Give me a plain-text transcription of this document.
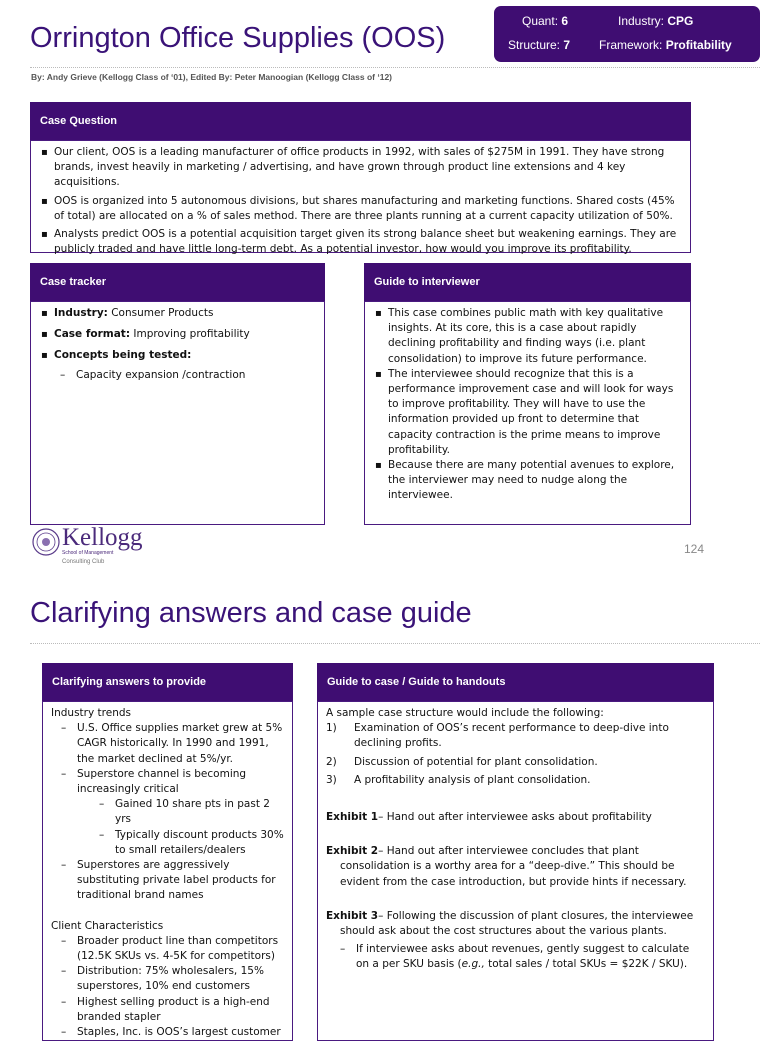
Orrington Office Supplies (OOS)
Quant: 6	Industry: CPG
Structure: 7 Framework: Profitability
By: Andy Grieve (Kellogg Class of ‘01), Edited By: Peter Manoogian (Kellogg Class of ‘12)
Case Question
▪ Our client, OOS is a leading manufacturer of office products in 1992, with sales of $275M in 1991. They have strong brands, invest heavily in marketing / advertising, and have grown through product line extensions and 4 key acquisitions.
▪ OOS is organized into 5 autonomous divisions, but shares manufacturing and marketing functions. Shared costs (45% of total) are allocated on a % of sales method. There are three plants running at a current capacity utilization of 50%.
▪ Analysts predict OOS is a potential acquisition target given its strong balance sheet but weakening earnings. They are publicly traded and have little long-term debt. As a potential investor, how would you improve its profitability.
Case tracker
▪ Industry: Consumer Products
▪ Case format: Improving profitability
▪ Concepts being tested:
– Capacity expansion /contraction
Guide to interviewer
▪ This case combines public math with key qualitative insights. At its core, this is a case about rapidly declining profitability and finding ways (i.e. plant consolidation) to improve its future performance.
▪ The interviewee should recognize that this is a performance improvement case and will look for ways to improve profitability. They will have to use the information provided up front to determine that capacity contraction is the prime means to improve profitability.
▪ Because there are many potential avenues to explore, the interviewer may need to nudge along the interviewee.
Kellogg
School of Management
Consulting Club
124
Clarifying answers and case guide
Clarifying answers to provide
Industry trends
– U.S. Office supplies market grew at 5% CAGR historically. In 1990 and 1991, the market declined at 5%/yr.
– Superstore channel is becoming increasingly critical
– Gained 10 share pts in past 2 yrs
– Typically discount products 30% to small retailers/dealers
– Superstores are aggressively substituting private label products for traditional brand names
Client Characteristics
– Broader product line than competitors (12.5K SKUs vs. 4-5K for competitors)
– Distribution: 75% wholesalers, 15% superstores, 10% end customers
– Highest selling product is a high-end branded stapler
– Staples, Inc. is OOS’s largest customer
Guide to case / Guide to handouts
A sample case structure would include the following:
1) Examination of OOS’s recent performance to deep-dive into declining profits.
2) Discussion of potential for plant consolidation.
3) A profitability analysis of plant consolidation.
Exhibit 1– Hand out after interviewee asks about profitability
Exhibit 2– Hand out after interviewee concludes that plant consolidation is a worthy area for a “deep-dive.” This should be evident from the case introduction, but provide hints if necessary.
Exhibit 3– Following the discussion of plant closures, the interviewee should ask about the cost structures about the various plants.
– If interviewee asks about revenues, gently suggest to calculate on a per SKU basis (e.g., total sales / total SKUs = $22K / SKU).
